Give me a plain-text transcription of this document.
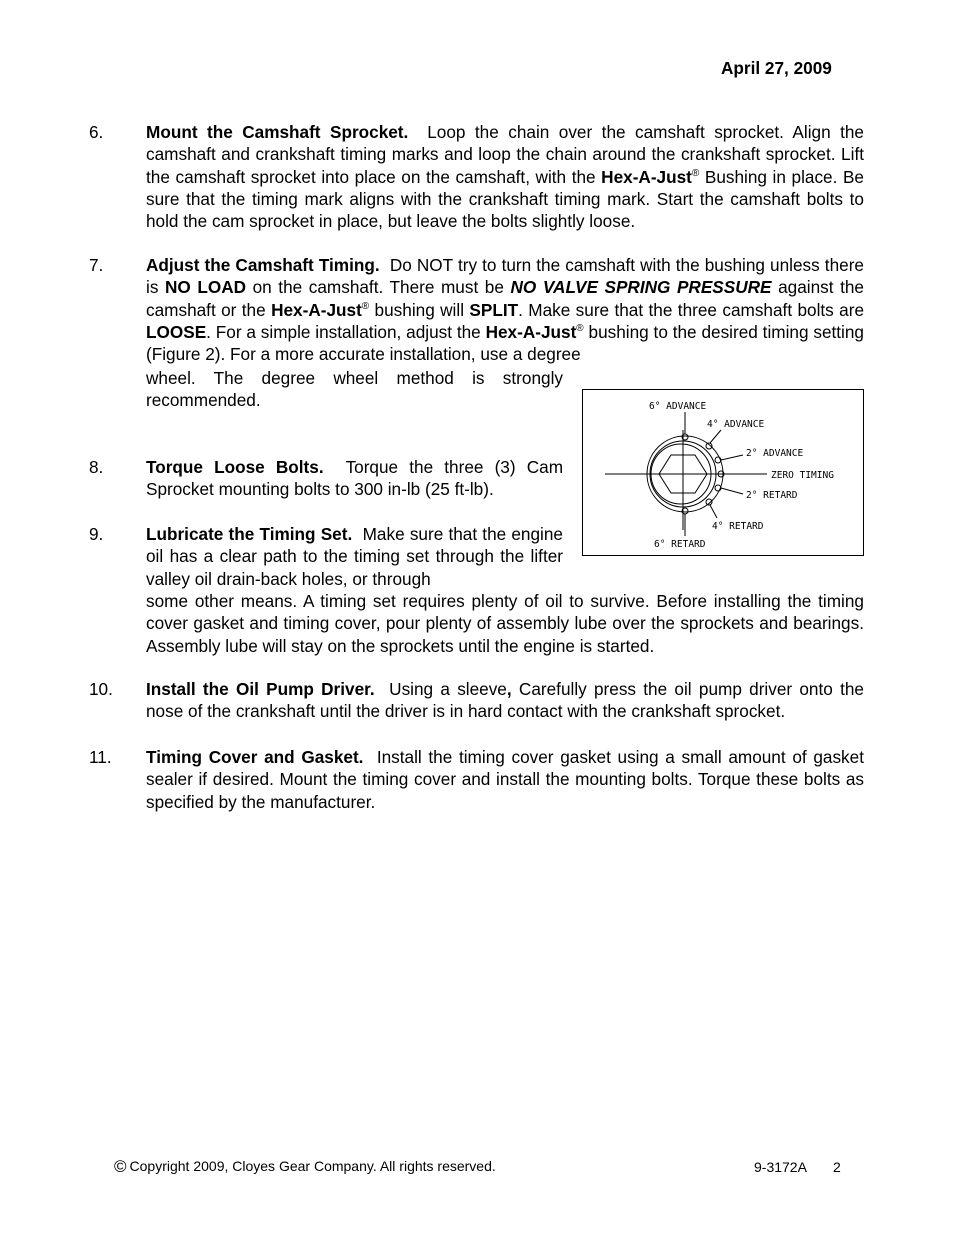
April 27, 2009
6. Mount the Camshaft Sprocket. Loop the chain over the camshaft sprocket. Align the camshaft and crankshaft timing marks and loop the chain around the crankshaft sprocket. Lift the camshaft sprocket into place on the camshaft, with the Hex-A-Just® Bushing in place. Be sure that the timing mark aligns with the crankshaft timing mark. Start the camshaft bolts to hold the cam sprocket in place, but leave the bolts slightly loose.

7. Adjust the Camshaft Timing. Do NOT try to turn the camshaft with the bushing unless there is NO LOAD on the camshaft. There must be NO VALVE SPRING PRESSURE against the camshaft or the Hex-A-Just® bushing will SPLIT. Make sure that the three camshaft bolts are LOOSE. For a simple installation, adjust the Hex-A-Just® bushing to the desired timing setting (Figure 2). For a more accurate installation, use a degree

wheel. The degree wheel method is strongly recommended.

8. Torque Loose Bolts. Torque the three (3) Cam Sprocket mounting bolts to 300 in-lb (25 ft-lb).

9. Lubricate the Timing Set. Make sure that the engine oil has a clear path to the timing set through the lifter valley oil drain-back holes, or through

some other means. A timing set requires plenty of oil to survive. Before installing the timing cover gasket and timing cover, pour plenty of assembly lube over the sprockets and bearings. Assembly lube will stay on the sprockets until the engine is started.

10. Install the Oil Pump Driver. Using a sleeve, Carefully press the oil pump driver onto the nose of the crankshaft until the driver is in hard contact with the crankshaft sprocket.

11. Timing Cover and Gasket. Install the timing cover gasket using a small amount of gasket sealer if desired. Mount the timing cover and install the mounting bolts. Torque these bolts as specified by the manufacturer.

6° ADVANCE
4° ADVANCE
2° ADVANCE
ZERO TIMING
2° RETARD
4° RETARD
6° RETARD
© Copyright 2009, Cloyes Gear Company. All rights reserved.	9-3172A 2
